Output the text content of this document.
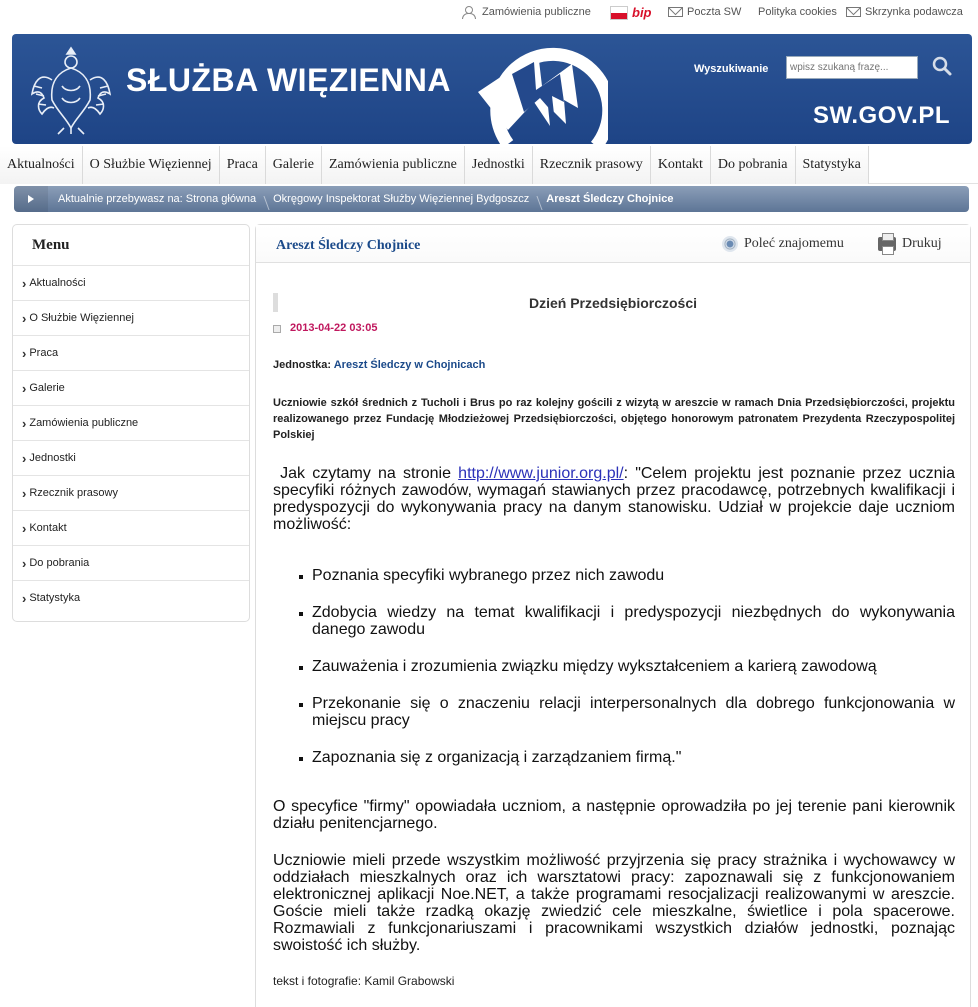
Zamówienia publiczne	bip	Poczta SW Polityka cookies	Skrzynka podawcza
SŁUŻBA WIĘZIENNA	Wyszukiwanie
wpisz szukaną frazę...
SW.GOV.PL
Aktualności	O Służbie Więziennej	Praca	Galerie	Zamówienia publiczne	Jednostki	Rzecznik prasowy	Kontakt	Do pobrania	Statystyka
Aktualnie przebywasz na: Strona główna	Okręgowy Inspektorat Służby Więziennej Bydgoszcz	Areszt Śledczy Chojnice
Menu
› Aktualności
› O Służbie Więziennej
› Praca
› Galerie
› Zamówienia publiczne
› Jednostki
› Rzecznik prasowy
› Kontakt
› Do pobrania
› Statystyka
Areszt Śledczy Chojnice	Poleć znajomemu	Drukuj
Dzień Przedsiębiorczości
2013-04-22 03:05
Jednostka: Areszt Śledczy w Chojnicach
Uczniowie szkół średnich z Tucholi i Brus po raz kolejny gościli z wizytą w areszcie w ramach Dnia Przedsiębiorczości, projektu realizowanego przez Fundację Młodzieżowej Przedsiębiorczości, objętego honorowym patronatem Prezydenta Rzeczypospolitej Polskiej
Jak czytamy na stronie http://www.junior.org.pl/: "Celem projektu jest poznanie przez ucznia specyfiki różnych zawodów, wymagań stawianych przez pracodawcę, potrzebnych kwalifikacji i predyspozycji do wykonywania pracy na danym stanowisku. Udział w projekcie daje uczniom możliwość:
Poznania specyfiki wybranego przez nich zawodu
Zdobycia wiedzy na temat kwalifikacji i predyspozycji niezbędnych do wykonywania danego zawodu
Zauważenia i zrozumienia związku między wykształceniem a karierą zawodową
Przekonanie się o znaczeniu relacji interpersonalnych dla dobrego funkcjonowania w miejscu pracy
Zapoznania się z organizacją i zarządzaniem firmą."
O specyfice "firmy" opowiadała uczniom, a następnie oprowadziła po jej terenie pani kierownik działu penitencjarnego.
Uczniowie mieli przede wszystkim możliwość przyjrzenia się pracy strażnika i wychowawcy w oddziałach mieszkalnych oraz ich warsztatowi pracy: zapoznawali się z funkcjonowaniem elektronicznej aplikacji Noe.NET, a także programami resocjalizacji realizowanymi w areszcie. Goście mieli także rzadką okazję zwiedzić cele mieszkalne, świetlice i pola spacerowe. Rozmawiali z funkcjonariuszami i pracownikami wszystkich działów jednostki, poznając swoistość ich służby.
tekst i fotografie: Kamil Grabowski
